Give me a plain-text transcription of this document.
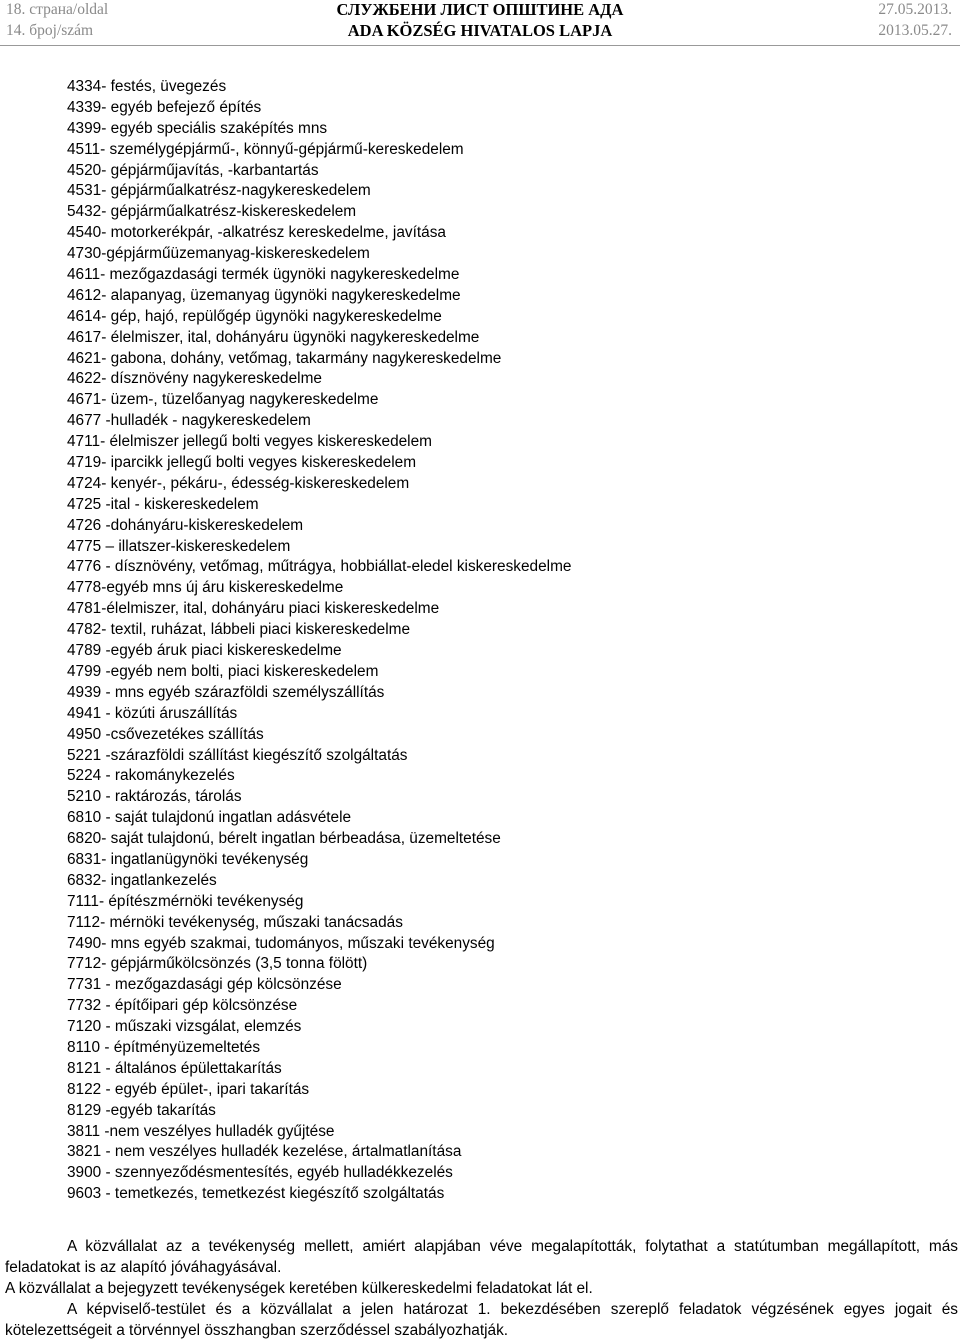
18. страна/oldal
14. број/szám
СЛУЖБЕНИ ЛИСТ ОПШТИНЕ АДА
ADA KÖZSÉG HIVATALOS LAPJA
27.05.2013.
2013.05.27.
4334- festés, üvegezés
4339- egyéb befejező építés
4399- egyéb speciális szaképítés mns
4511- személygépjármű-, könnyű-gépjármű-kereskedelem
4520- gépjárműjavítás, -karbantartás
4531- gépjárműalkatrész-nagykereskedelem
5432- gépjárműalkatrész-kiskereskedelem
4540- motorkerékpár, -alkatrész kereskedelme, javítása
4730-gépjárműüzemanyag-kiskereskedelem
4611- mezőgazdasági termék ügynöki nagykereskedelme
4612- alapanyag, üzemanyag ügynöki nagykereskedelme
4614- gép, hajó, repülőgép ügynöki nagykereskedelme
4617- élelmiszer, ital, dohányáru ügynöki nagykereskedelme
4621- gabona, dohány, vetőmag, takarmány nagykereskedelme
4622- dísznövény nagykereskedelme
4671- üzem-, tüzelőanyag nagykereskedelme
4677 -hulladék - nagykereskedelem
4711- élelmiszer jellegű bolti vegyes kiskereskedelem
4719- iparcikk jellegű bolti vegyes kiskereskedelem
4724- kenyér-, pékáru-, édesség-kiskereskedelem
4725 -ital - kiskereskedelem
4726 -dohányáru-kiskereskedelem
4775 – illatszer-kiskereskedelem
4776 - dísznövény, vetőmag, műtrágya, hobbiállat-eledel kiskereskedelme
4778-egyéb mns új áru kiskereskedelme
4781-élelmiszer, ital, dohányáru piaci kiskereskedelme
4782- textil, ruházat, lábbeli piaci kiskereskedelme
4789 -egyéb áruk piaci kiskereskedelme
4799 -egyéb nem bolti, piaci kiskereskedelem
4939 - mns egyéb szárazföldi személyszállítás
4941 - közúti áruszállítás
4950 -csővezetékes szállítás
5221 -szárazföldi szállítást kiegészítő szolgáltatás
5224 - rakománykezelés
5210 - raktározás, tárolás
6810 - saját tulajdonú ingatlan adásvétele
6820- saját tulajdonú, bérelt ingatlan bérbeadása, üzemeltetése
6831- ingatlanügynöki tevékenység
6832- ingatlankezelés
7111- építészmérnöki tevékenység
7112- mérnöki tevékenység, műszaki tanácsadás
7490- mns egyéb szakmai, tudományos, műszaki tevékenység
7712- gépjárműkölcsönzés (3,5 tonna fölött)
7731 - mezőgazdasági gép kölcsönzése
7732 - építőipari gép kölcsönzése
7120 - műszaki vizsgálat, elemzés
8110 - építményüzemeltetés
8121 - általános épülettakarítás
8122 - egyéb épület-, ipari takarítás
8129 -egyéb takarítás
3811 -nem veszélyes hulladék gyűjtése
3821 - nem veszélyes hulladék kezelése, ártalmatlanítása
3900 - szennyeződésmentesítés, egyéb hulladékkezelés
9603 - temetkezés, temetkezést kiegészítő szolgáltatás

A közvállalat az a tevékenység mellett, amiért alapjában véve megalapították, folytathat a statútumban megállapított, más feladatokat is az alapító jóváhagyásával.

A közvállalat a bejegyzett tevékenységek keretében külkereskedelmi feladatokat lát el.

A képviselő-testület és a közvállalat a jelen határozat 1. bekezdésében szereplő feladatok végzésének egyes jogait és kötelezettségeit a törvénnyel összhangban szerződéssel szabályozhatják.
